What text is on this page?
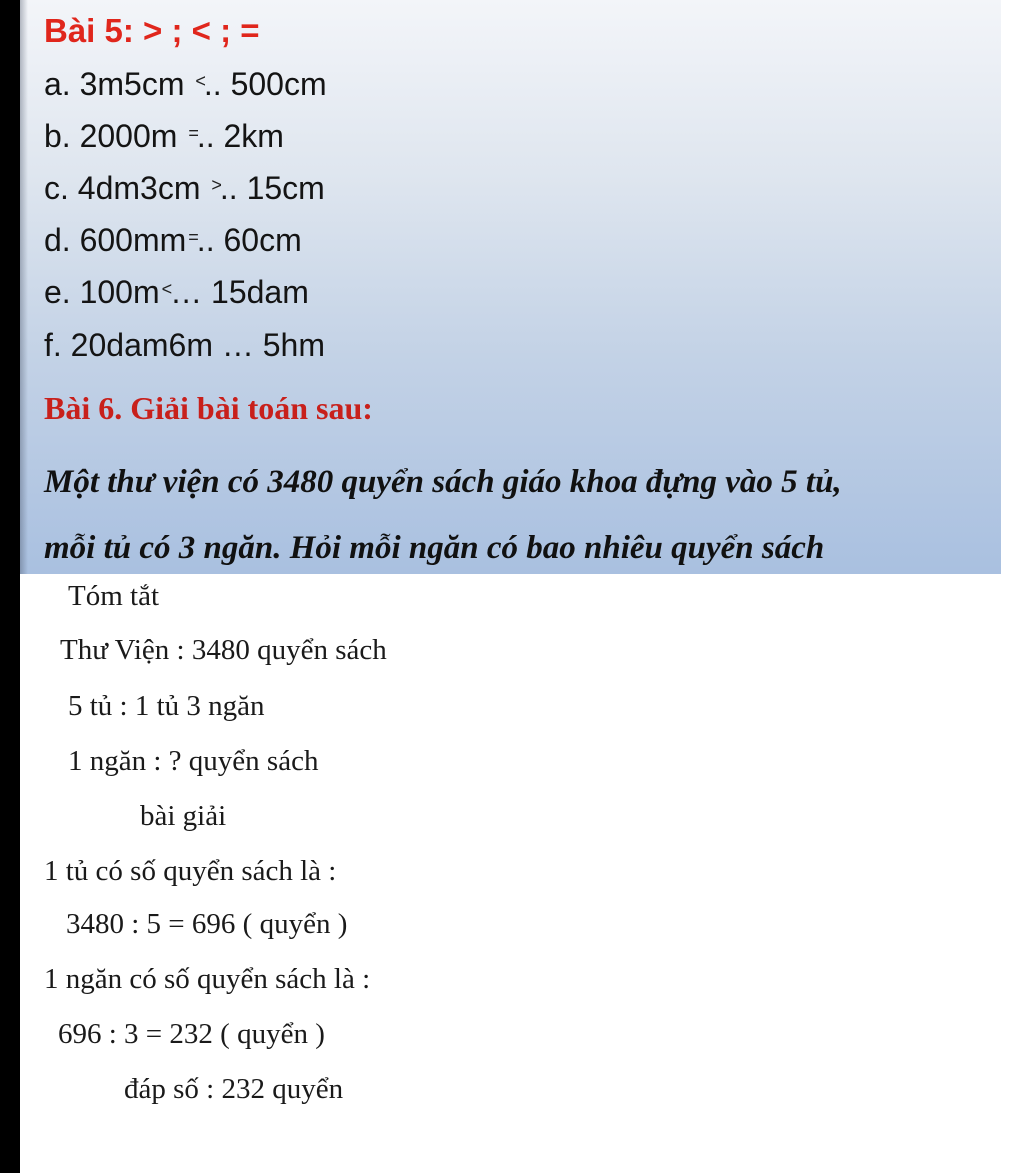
Bài 5: > ; < ; =
a. 3m5cm <.. 500cm
b. 2000m =.. 2km
c. 4dm3cm >.. 15cm
d. 600mm =.. 60cm
e. 100m <… 15dam
f. 20dam6m … 5hm
Bài 6. Giải bài toán sau:
Một thư viện có 3480 quyển sách giáo khoa đựng vào 5 tủ,
mỗi tủ có 3 ngăn. Hỏi mỗi ngăn có bao nhiêu quyển sách
Tóm tắt
Thư Viện : 3480 quyển sách
5 tủ : 1 tủ 3 ngăn
1 ngăn : ? quyển sách
bài giải
1 tủ có số quyển sách là :
3480 : 5 = 696 ( quyển )
1 ngăn có số quyển sách là :
696 : 3 = 232 ( quyển )
đáp số : 232 quyển
